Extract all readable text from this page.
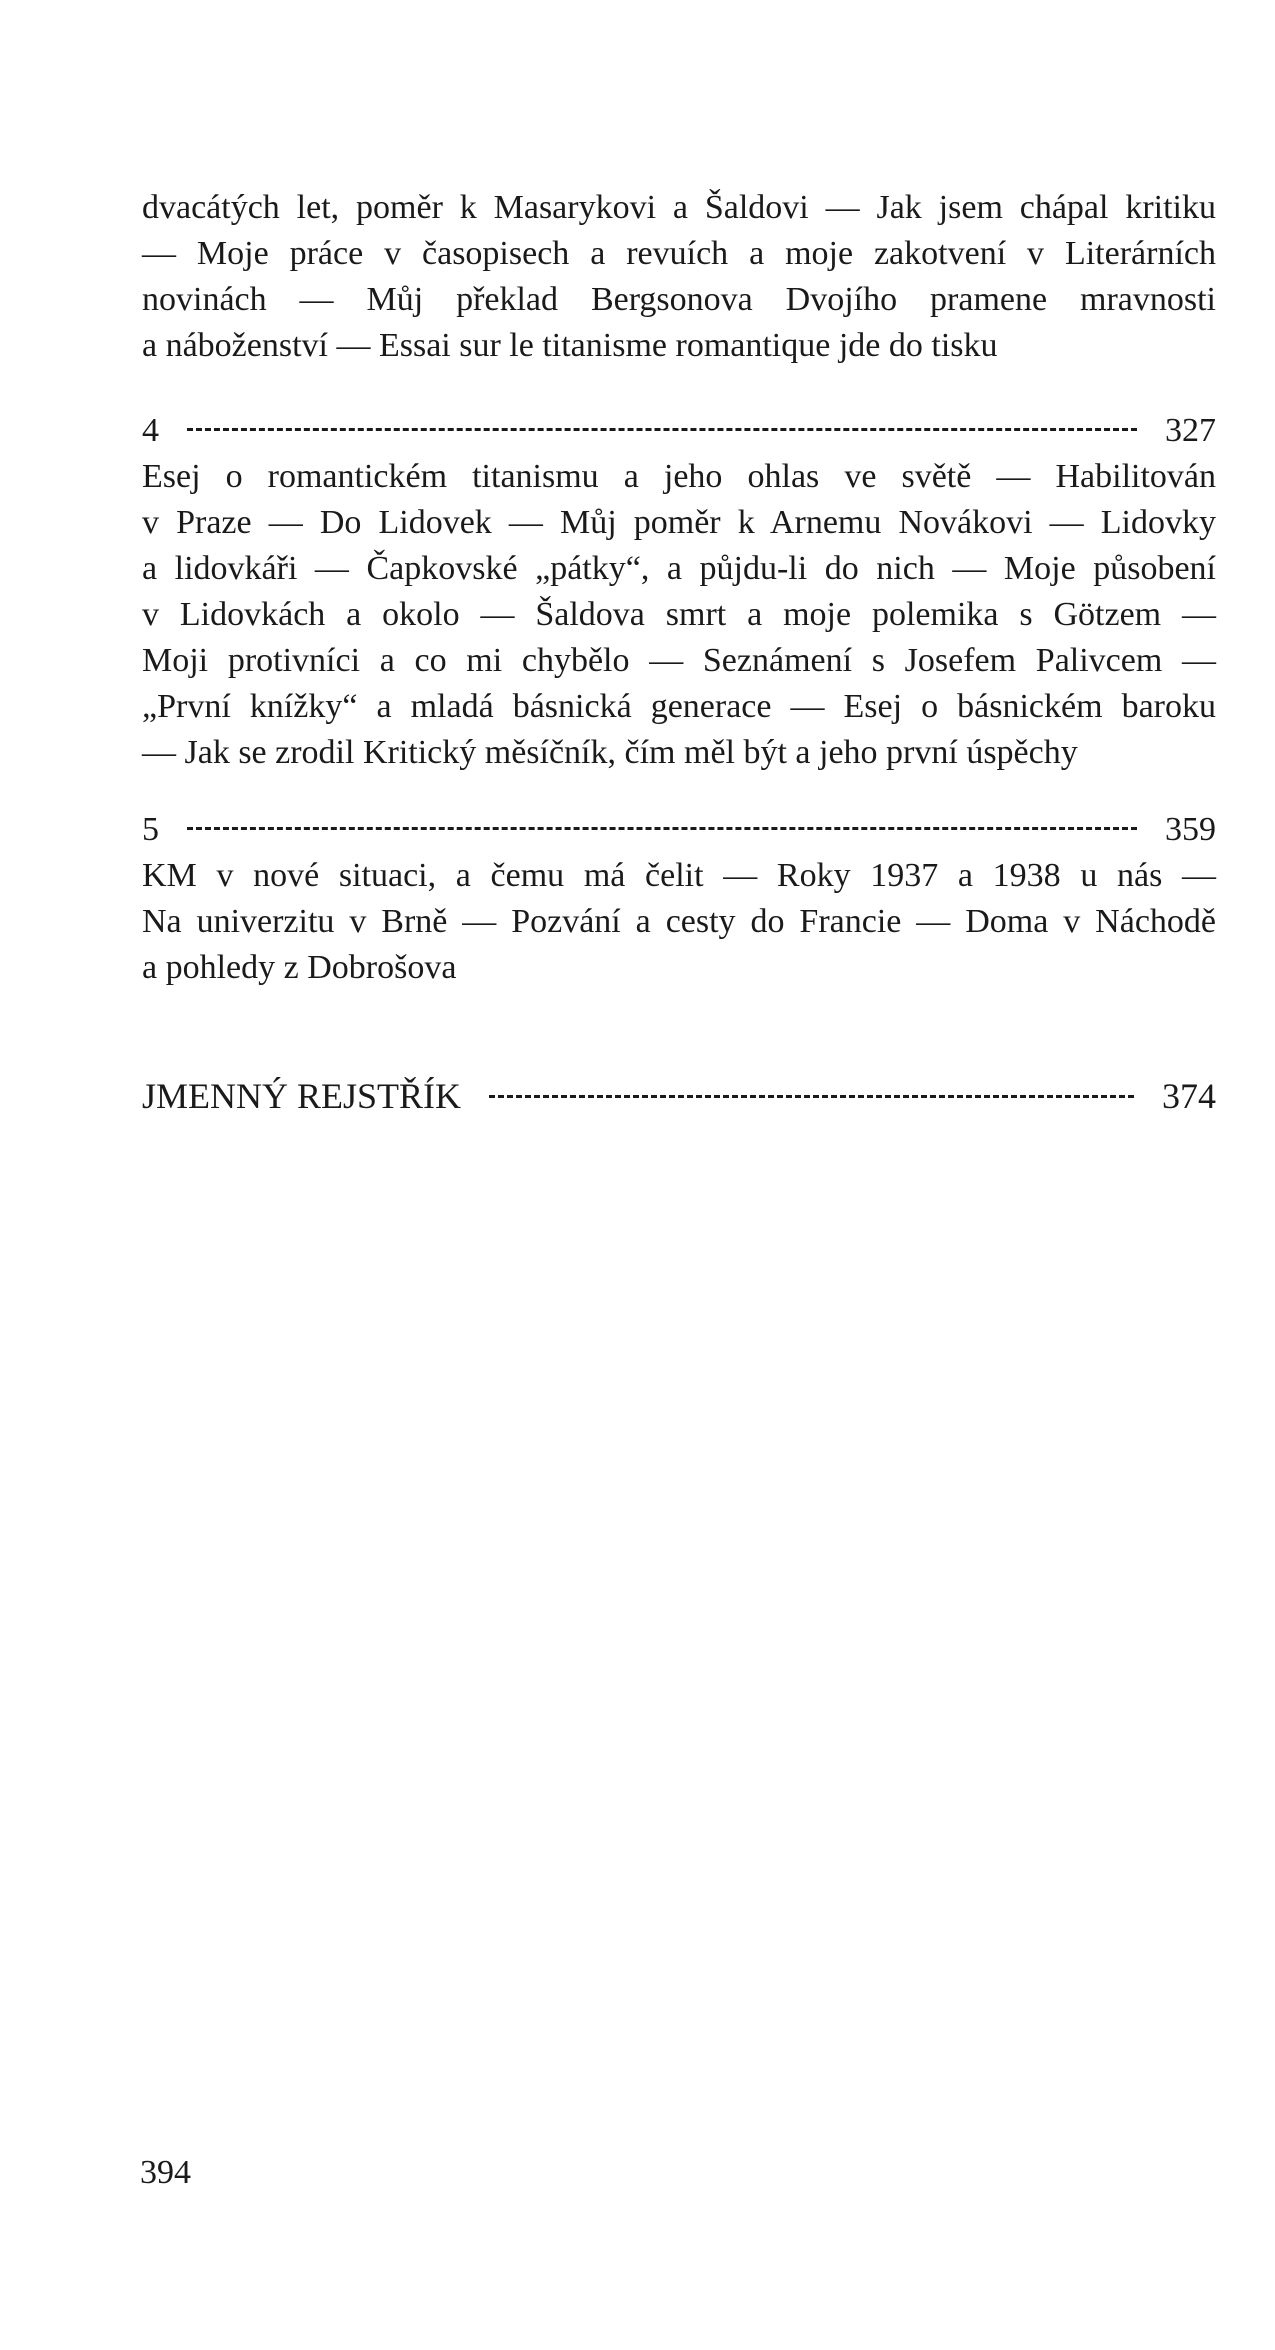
dvacátých let, poměr k Masarykovi a Šaldovi — Jak jsem chápal kritiku
— Moje práce v časopisech a revuích a moje zakotvení v Literárních
novinách — Můj překlad Bergsonova Dvojího pramene mravnosti
a náboženství — Essai sur le titanisme romantique jde do tisku
4	327
Esej o romantickém titanismu a jeho ohlas ve světě — Habilitován
v Praze — Do Lidovek — Můj poměr k Arnemu Novákovi — Lidovky
a lidovkáři — Čapkovské „pátky“, a půjdu-li do nich — Moje působení
v Lidovkách a okolo — Šaldova smrt a moje polemika s Götzem —
Moji protivníci a co mi chybělo — Seznámení s Josefem Palivcem —
„První knížky“ a mladá básnická generace — Esej o básnickém baroku
— Jak se zrodil Kritický měsíčník, čím měl být a jeho první úspěchy
5	359
KM v nové situaci, a čemu má čelit — Roky 1937 a 1938 u nás —
Na univerzitu v Brně — Pozvání a cesty do Francie — Doma v Náchodě
a pohledy z Dobrošova
JMENNÝ REJSTŘÍK	374
394
